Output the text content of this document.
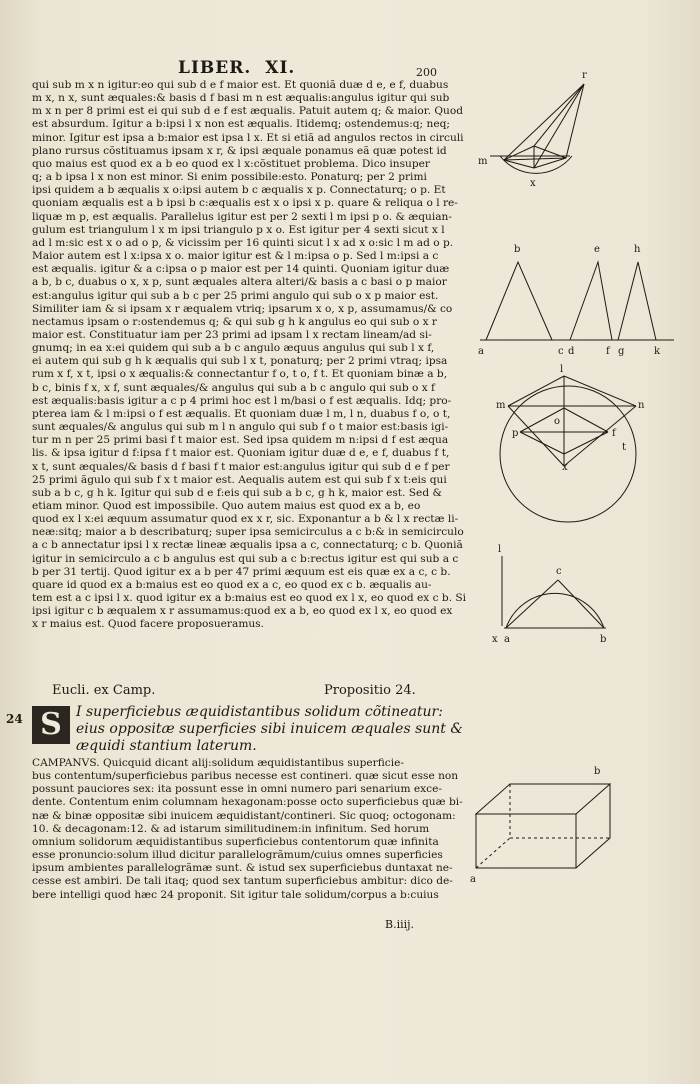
LIBER. XI.	200

qui sub m x n igitur:eo qui sub d e f maior est. Et quoniã duæ d e, e f, duabus

m x, n x, sunt æquales:& basis d f basi m n est æqualis:angulus igitur qui sub

m x n per 8 primi est ei qui sub d e f est æqualis. Patuit autem q; & maior. Quod

est absurdum. Igitur a b:ipsi l x non est æqualis. Itidemq; ostendemus:q; neq;

minor. Igitur est ipsa a b:maior est ipsa l x. Et si etiã ad angulos rectos in circuli

plano rursus cõstituamus ipsam x r, & ipsi æquale ponamus eã quæ potest id

quo maius est quod ex a b eo quod ex l x:cõstituet problema. Dico insuper

q; a b ipsa l x non est minor. Si enim possibile:esto. Ponaturq; per 2 primi

ipsi quidem a b æqualis x o:ipsi autem b c æqualis x p. Connectaturq; o p. Et

quoniam æqualis est a b ipsi b c:æqualis est x o ipsi x p. quare & reliqua o l re-

liquæ m p, est æqualis. Parallelus igitur est per 2 sexti l m ipsi p o. & æquian-

gulum est triangulum l x m ipsi triangulo p x o. Est igitur per 4 sexti sicut x l

ad l m:sic est x o ad o p, & vicissim per 16 quinti sicut l x ad x o:sic l m ad o p.

Maior autem est l x:ipsa x o. maior igitur est & l m:ipsa o p. Sed l m:ipsi a c

est æqualis. igitur & a c:ipsa o p maior est per 14 quinti. Quoniam igitur duæ

a b, b c, duabus o x, x p, sunt æquales altera alteri/& basis a c basi o p maior

est:angulus igitur qui sub a b c per 25 primi angulo qui sub o x p maior est.

Similiter iam & si ipsam x r æqualem vtriq; ipsarum x o, x p, assumamus/& co

nectamus ipsam o r:ostendemus q; & qui sub g h k angulus eo qui sub o x r

maior est. Constituatur iam per 23 primi ad ipsam l x rectam lineam/ad si-

gnumq; in ea x:ei quidem qui sub a b c angulo æquus angulus qui sub l x f,

ei autem qui sub g h k æqualis qui sub l x t, ponaturq; per 2 primi vtraq; ipsa

rum x f, x t, ipsi o x æqualis:& connectantur f o, t o, f t. Et quoniam binæ a b,

b c, binis f x, x f, sunt æquales/& angulus qui sub a b c angulo qui sub o x f

est æqualis:basis igitur a c p 4 primi hoc est l m/basi o f est æqualis. Idq; pro-

pterea iam & l m:ipsi o f est æqualis. Et quoniam duæ l m, l n, duabus f o, o t,

sunt æquales/& angulus qui sub m l n angulo qui sub f o t maior est:basis igi-

tur m n per 25 primi basi f t maior est. Sed ipsa quidem m n:ipsi d f est æqua

lis. & ipsa igitur d f:ipsa f t maior est. Quoniam igitur duæ d e, e f, duabus f t,

x t, sunt æquales/& basis d f basi f t maior est:angulus igitur qui sub d e f per

25 primi ãgulo qui sub f x t maior est. Aequalis autem est qui sub f x t:eis qui

sub a b c, g h k. Igitur qui sub d e f:eis qui sub a b c, g h k, maior est. Sed &

etiam minor. Quod est impossibile. Quo autem maius est quod ex a b, eo

quod ex l x:ei æquum assumatur quod ex x r, sic. Exponantur a b & l x rectæ li-

neæ:sitq; maior a b describaturq; super ipsa semicirculus a c b:& in semicirculo

a c b annectatur ipsi l x rectæ lineæ æqualis ipsa a c, connectaturq; c b. Quoniã

igitur in semicirculo a c b angulus est qui sub a c b:rectus igitur est qui sub a c

b per 31 tertij. Quod igitur ex a b per 47 primi æquum est eis quæ ex a c, c b.

quare id quod ex a b:maius est eo quod ex a c, eo quod ex c b. æqualis au-

tem est a c ipsi l x. quod igitur ex a b:maius est eo quod ex l x, eo quod ex c b. Si

ipsi igitur c b æqualem x r assumamus:quod ex a b, eo quod ex l x, eo quod ex

x r maius est. Quod facere proposueramus.

Eucli. ex Camp.	Propositio 24.
24 S	I superficiebus æquidistantibus solidum cõtineatur: eius oppositæ superficies sibi inuicem æquales sunt & æquidi stantium laterum.

CAMPANVS. Quicquid dicant alij:solidum æquidistantibus superficie-

bus contentum/superficiebus paribus necesse est contineri. quæ sicut esse non

possunt pauciores sex: ita possunt esse in omni numero pari senarium exce-

dente. Contentum enim columnam hexagonam:posse octo superficiebus quæ bi-

næ & binæ oppositæ sibi inuicem æquidistant/contineri. Sic quoq; octogonam:

10. & decagonam:12. & ad istarum similitudinem:in infinitum. Sed horum

omnium solidorum æquidistantibus superficiebus contentorum quæ infinita

esse pronuncio:solum illud dicitur parallelogrãmum/cuius omnes superficies

ipsum ambientes parallelogrãmæ sunt. & istud sex superficiebus duntaxat ne-

cesse est ambiri. De tali itaq; quod sex tantum superficiebus ambitur: dico de-

bere intelligi quod hæc 24 proponit. Sit igitur tale solidum/corpus a b:cuius

B.iiij.
r
m
x
b	e	h
a	c d	f g	k
l
m	n
o
p	f
t
x
l
c
x a	b
b
a
